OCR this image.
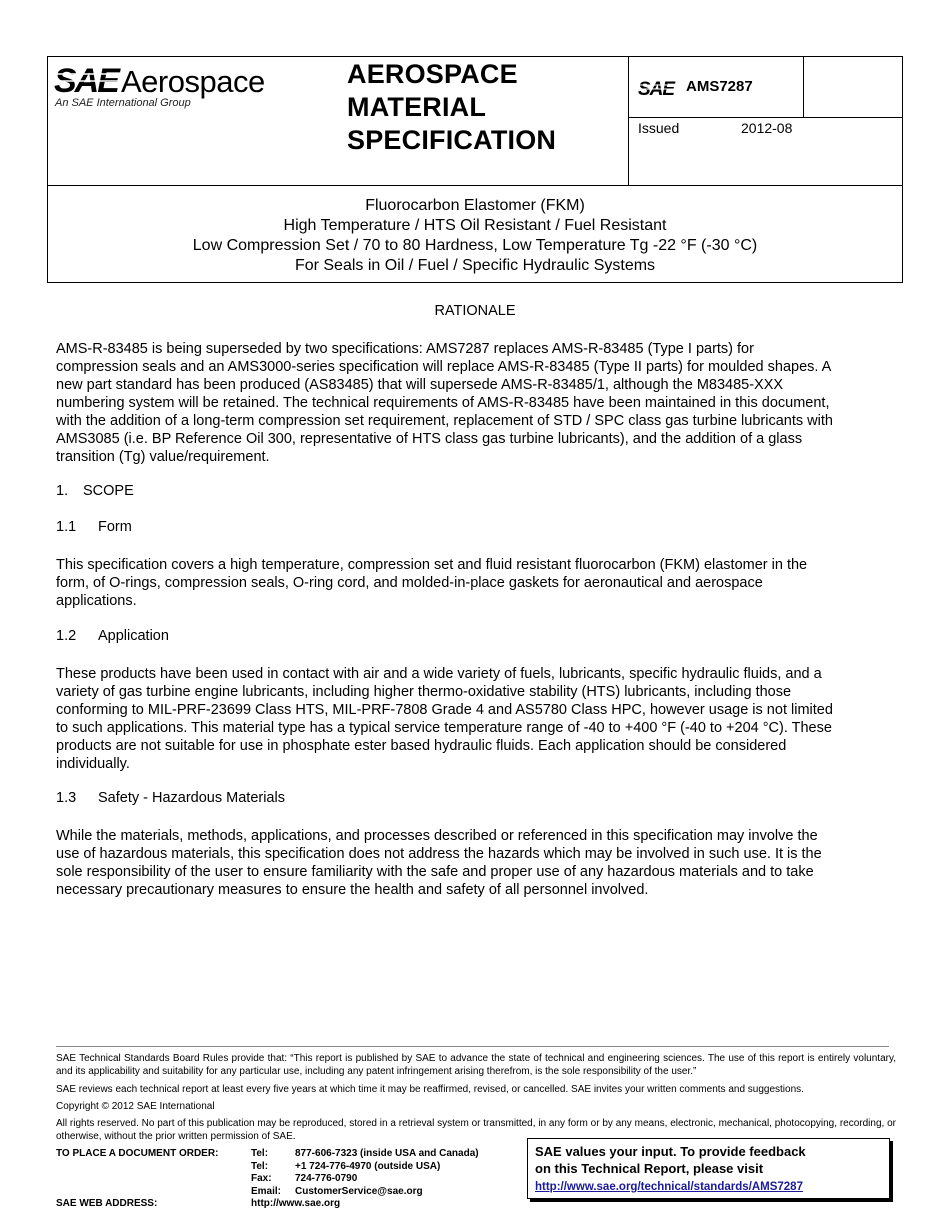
SAE Aerospace
An SAE International Group
AEROSPACE
MATERIAL
SPECIFICATION
SAE AMS7287
Issued	2012-08
Fluorocarbon Elastomer (FKM)
High Temperature / HTS Oil Resistant / Fuel Resistant
Low Compression Set / 70 to 80 Hardness, Low Temperature Tg -22 °F (-30 °C)
For Seals in Oil / Fuel / Specific Hydraulic Systems
RATIONALE
AMS-R-83485 is being superseded by two specifications: AMS7287 replaces AMS-R-83485 (Type I parts) for
compression seals and an AMS3000-series specification will replace AMS-R-83485 (Type II parts) for moulded shapes. A
new part standard has been produced (AS83485) that will supersede AMS-R-83485/1, although the M83485-XXX
numbering system will be retained. The technical requirements of AMS-R-83485 have been maintained in this document,
with the addition of a long-term compression set requirement, replacement of STD / SPC class gas turbine lubricants with
AMS3085 (i.e. BP Reference Oil 300, representative of HTS class gas turbine lubricants), and the addition of a glass
transition (Tg) value/requirement.
1. SCOPE
1.1 Form
This specification covers a high temperature, compression set and fluid resistant fluorocarbon (FKM) elastomer in the
form, of O-rings, compression seals, O-ring cord, and molded-in-place gaskets for aeronautical and aerospace
applications.
1.2 Application
These products have been used in contact with air and a wide variety of fuels, lubricants, specific hydraulic fluids, and a
variety of gas turbine engine lubricants, including higher thermo-oxidative stability (HTS) lubricants, including those
conforming to MIL-PRF-23699 Class HTS, MIL-PRF-7808 Grade 4 and AS5780 Class HPC, however usage is not limited
to such applications. This material type has a typical service temperature range of -40 to +400 °F (-40 to +204 °C). These
products are not suitable for use in phosphate ester based hydraulic fluids. Each application should be considered
individually.
1.3 Safety - Hazardous Materials
While the materials, methods, applications, and processes described or referenced in this specification may involve the
use of hazardous materials, this specification does not address the hazards which may be involved in such use. It is the
sole responsibility of the user to ensure familiarity with the safe and proper use of any hazardous materials and to take
necessary precautionary measures to ensure the health and safety of all personnel involved.
SAE Technical Standards Board Rules provide that: “This report is published by SAE to advance the state of technical and engineering sciences. The use of this report is entirely voluntary, and its applicability and suitability for any particular use, including any patent infringement arising therefrom, is the sole responsibility of the user.”
SAE reviews each technical report at least every five years at which time it may be reaffirmed, revised, or cancelled. SAE invites your written comments and suggestions.
Copyright © 2012 SAE International
All rights reserved. No part of this publication may be reproduced, stored in a retrieval system or transmitted, in any form or by any means, electronic, mechanical, photocopying, recording, or otherwise, without the prior written permission of SAE.
TO PLACE A DOCUMENT ORDER:	Tel:	877-606-7323 (inside USA and Canada)
Tel:	+1 724-776-4970 (outside USA)
Fax: 724-776-0790
Email: CustomerService@sae.org
SAE WEB ADDRESS:	http://www.sae.org
SAE values your input. To provide feedback
on this Technical Report, please visit
http://www.sae.org/technical/standards/AMS7287
